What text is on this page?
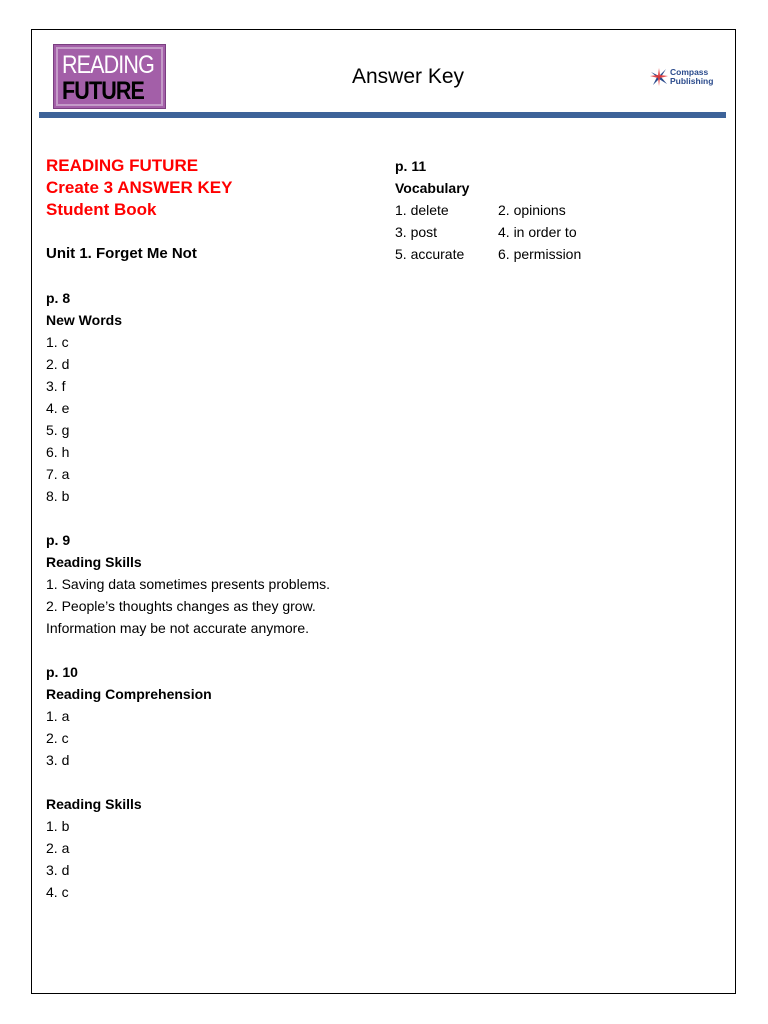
READING
FUTURE
Answer Key	Compass
Publishing
READING FUTURE
Create 3 ANSWER KEY
Student Book
Unit 1. Forget Me Not
p. 8
New Words
1. c
2. d
3. f
4. e
5. g
6. h
7. a
8. b
p. 9
Reading Skills
1. Saving data sometimes presents problems.
2. People’s thoughts changes as they grow.
Information may be not accurate anymore.
p. 10
Reading Comprehension
1. a
2. c
3. d
Reading Skills
1. b
2. a
3. d
4. c
p. 11
Vocabulary
1. delete	2. opinions
3. post	4. in order to
5. accurate	6. permission
